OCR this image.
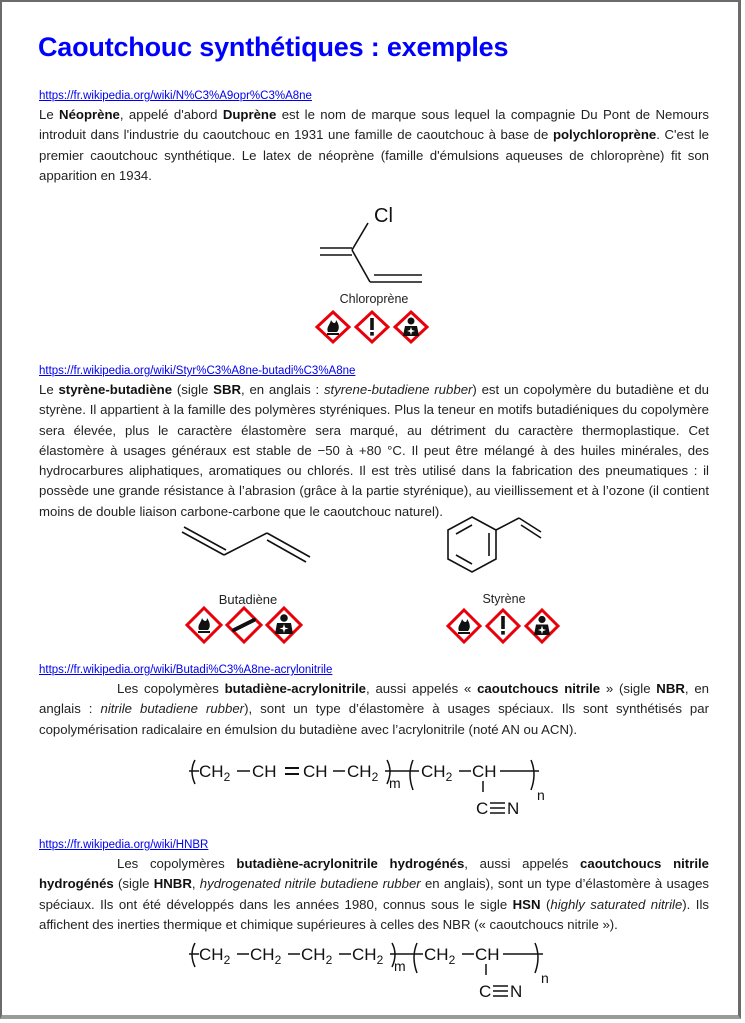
Caoutchouc synthétiques : exemples
https://fr.wikipedia.org/wiki/N%C3%A9opr%C3%A8ne

Le Néoprène, appelé d'abord Duprène est le nom de marque sous lequel la compagnie Du Pont de Nemours introduit dans l'industrie du caoutchouc en 1931 une famille de caoutchouc à base de polychloroprène. C'est le premier caoutchouc synthétique. Le latex de néoprène (famille d'émulsions aqueuses de chloroprène) fit son apparition en 1934.

Cl
Chloroprène
https://fr.wikipedia.org/wiki/Styr%C3%A8ne-butadi%C3%A8ne

Le styrène-butadiène (sigle SBR, en anglais : styrene-butadiene rubber) est un copolymère du butadiène et du styrène. Il appartient à la famille des polymères styréniques. Plus la teneur en motifs butadiéniques du copolymère sera élevée, plus le caractère élastomère sera marqué, au détriment du caractère thermoplastique. Cet élastomère à usages généraux est stable de −50 à +80 °C. Il peut être mélangé à des huiles minérales, des hydrocarbures aliphatiques, aromatiques ou chlorés. Il est très utilisé dans la fabrication des pneumatiques : il possède une grande résistance à l’abrasion (grâce à la partie styrénique), au vieillissement et à l’ozone (il contient moins de double liaison carbone-carbone que le caoutchouc naturel).

Butadiène	Styrène
https://fr.wikipedia.org/wiki/Butadi%C3%A8ne-acrylonitrile

Les copolymères butadiène-acrylonitrile, aussi appelés « caoutchoucs nitrile » (sigle NBR, en anglais : nitrile butadiene rubber), sont un type d’élastomère à usages spéciaux. Ils sont synthétisés par copolymérisation radicalaire en émulsion du butadiène avec l’acrylonitrile (noté AN ou ACN).

$CH_2$ CH CH $CH_2$ m
$CH_2$ CH
n
C N
https://fr.wikipedia.org/wiki/HNBR

Les copolymères butadiène-acrylonitrile hydrogénés, aussi appelés caoutchoucs nitrile hydrogénés (sigle HNBR, hydrogenated nitrile butadiene rubber en anglais), sont un type d’élastomère à usages spéciaux. Ils ont été développés dans les années 1980, connus sous le sigle HSN (highly saturated nitrile). Ils affichent des inerties thermique et chimique supérieures à celles des NBR (« caoutchoucs nitrile »).

$CH_2$ $CH_2$ $CH_2$ $CH_2$ m
$CH_2$ CH
n
C N
